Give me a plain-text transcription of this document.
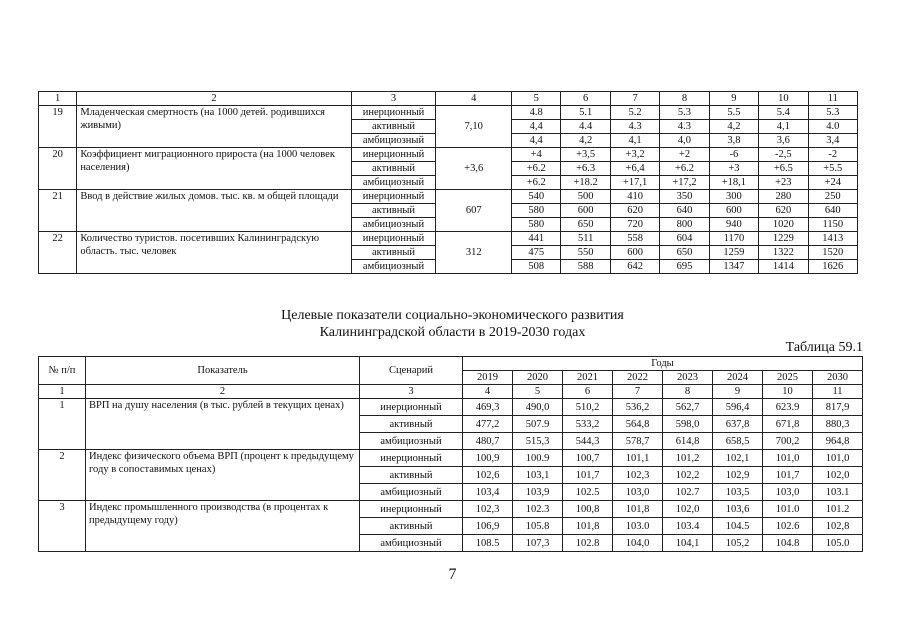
1	2	3	4	5	6	7	8	9	10	11
19	Младенческая смертность (на 1000 детей. родившихся живыми)	инерционный	7,10	4.8	5.1	5.2	5.3	5.5	5.4	5.3
		активный		4,4	4.4	4.3	4.3	4,2	4,1	4.0
		амбициозный		4,4	4,2	4,1	4,0	3,8	3,6	3,4
20	Коэффициент миграционного прироста (на 1000 человек населения)	инерционный	+3,6	+4	+3,5	+3,2	+2	-6	-2,5	-2
		активный		+6.2	+6.3	+6,4	+6.2	+3	+6.5	+5.5
		амбициозный		+6.2	+18.2	+17,1	+17,2	+18,1	+23	+24
21	Ввод в действие жилых домов. тыс. кв. м общей площади	инерционный	607	540	500	410	350	300	280	250
		активный		580	600	620	640	600	620	640
		амбициозный		580	650	720	800	940	1020	1150
22	Количество туристов. посетивших Калининградскую область. тыс. человек	инерционный	312	441	511	558	604	1170	1229	1413
		активный		475	550	600	650	1259	1322	1520
		амбициозный		508	588	642	695	1347	1414	1626
Целевые показатели социально-экономического развития
Калининградской области в 2019-2030 годах
Таблица 59.1
№ п/п	Показатель	Сценарий	Годы							
			2019	2020	2021	2022	2023	2024	2025	2030
1	2	3	4	5	6	7	8	9	10	11
1	ВРП на душу населения (в тыс. рублей в текущих ценах)	инерционный	469,3	490,0	510,2	536,2	562,7	596,4	623.9	817,9
		активный	477,2	507.9	533,2	564,8	598,0	637,8	671,8	880,3
		амбициозный	480,7	515,3	544,3	578,7	614,8	658,5	700,2	964,8
2	Индекс физического объема ВРП (процент к предыдущему году в сопоставимых ценах)	инерционный	100,9	100.9	100,7	101,1	101,2	102,1	101,0	101,0
		активный	102,6	103,1	101,7	102,3	102,2	102,9	101,7	102,0
		амбициозный	103,4	103,9	102.5	103,0	102.7	103,5	103,0	103.1
3	Индекс промышленного производства (в процентах к предыдущему году)	инерционный	102,3	102.3	100,8	101,8	102,0	103,6	101.0	101.2
		активный	106,9	105.8	101,8	103.0	103.4	104.5	102.6	102,8
		амбициозный	108.5	107,3	102.8	104,0	104,1	105,2	104.8	105.0
7
